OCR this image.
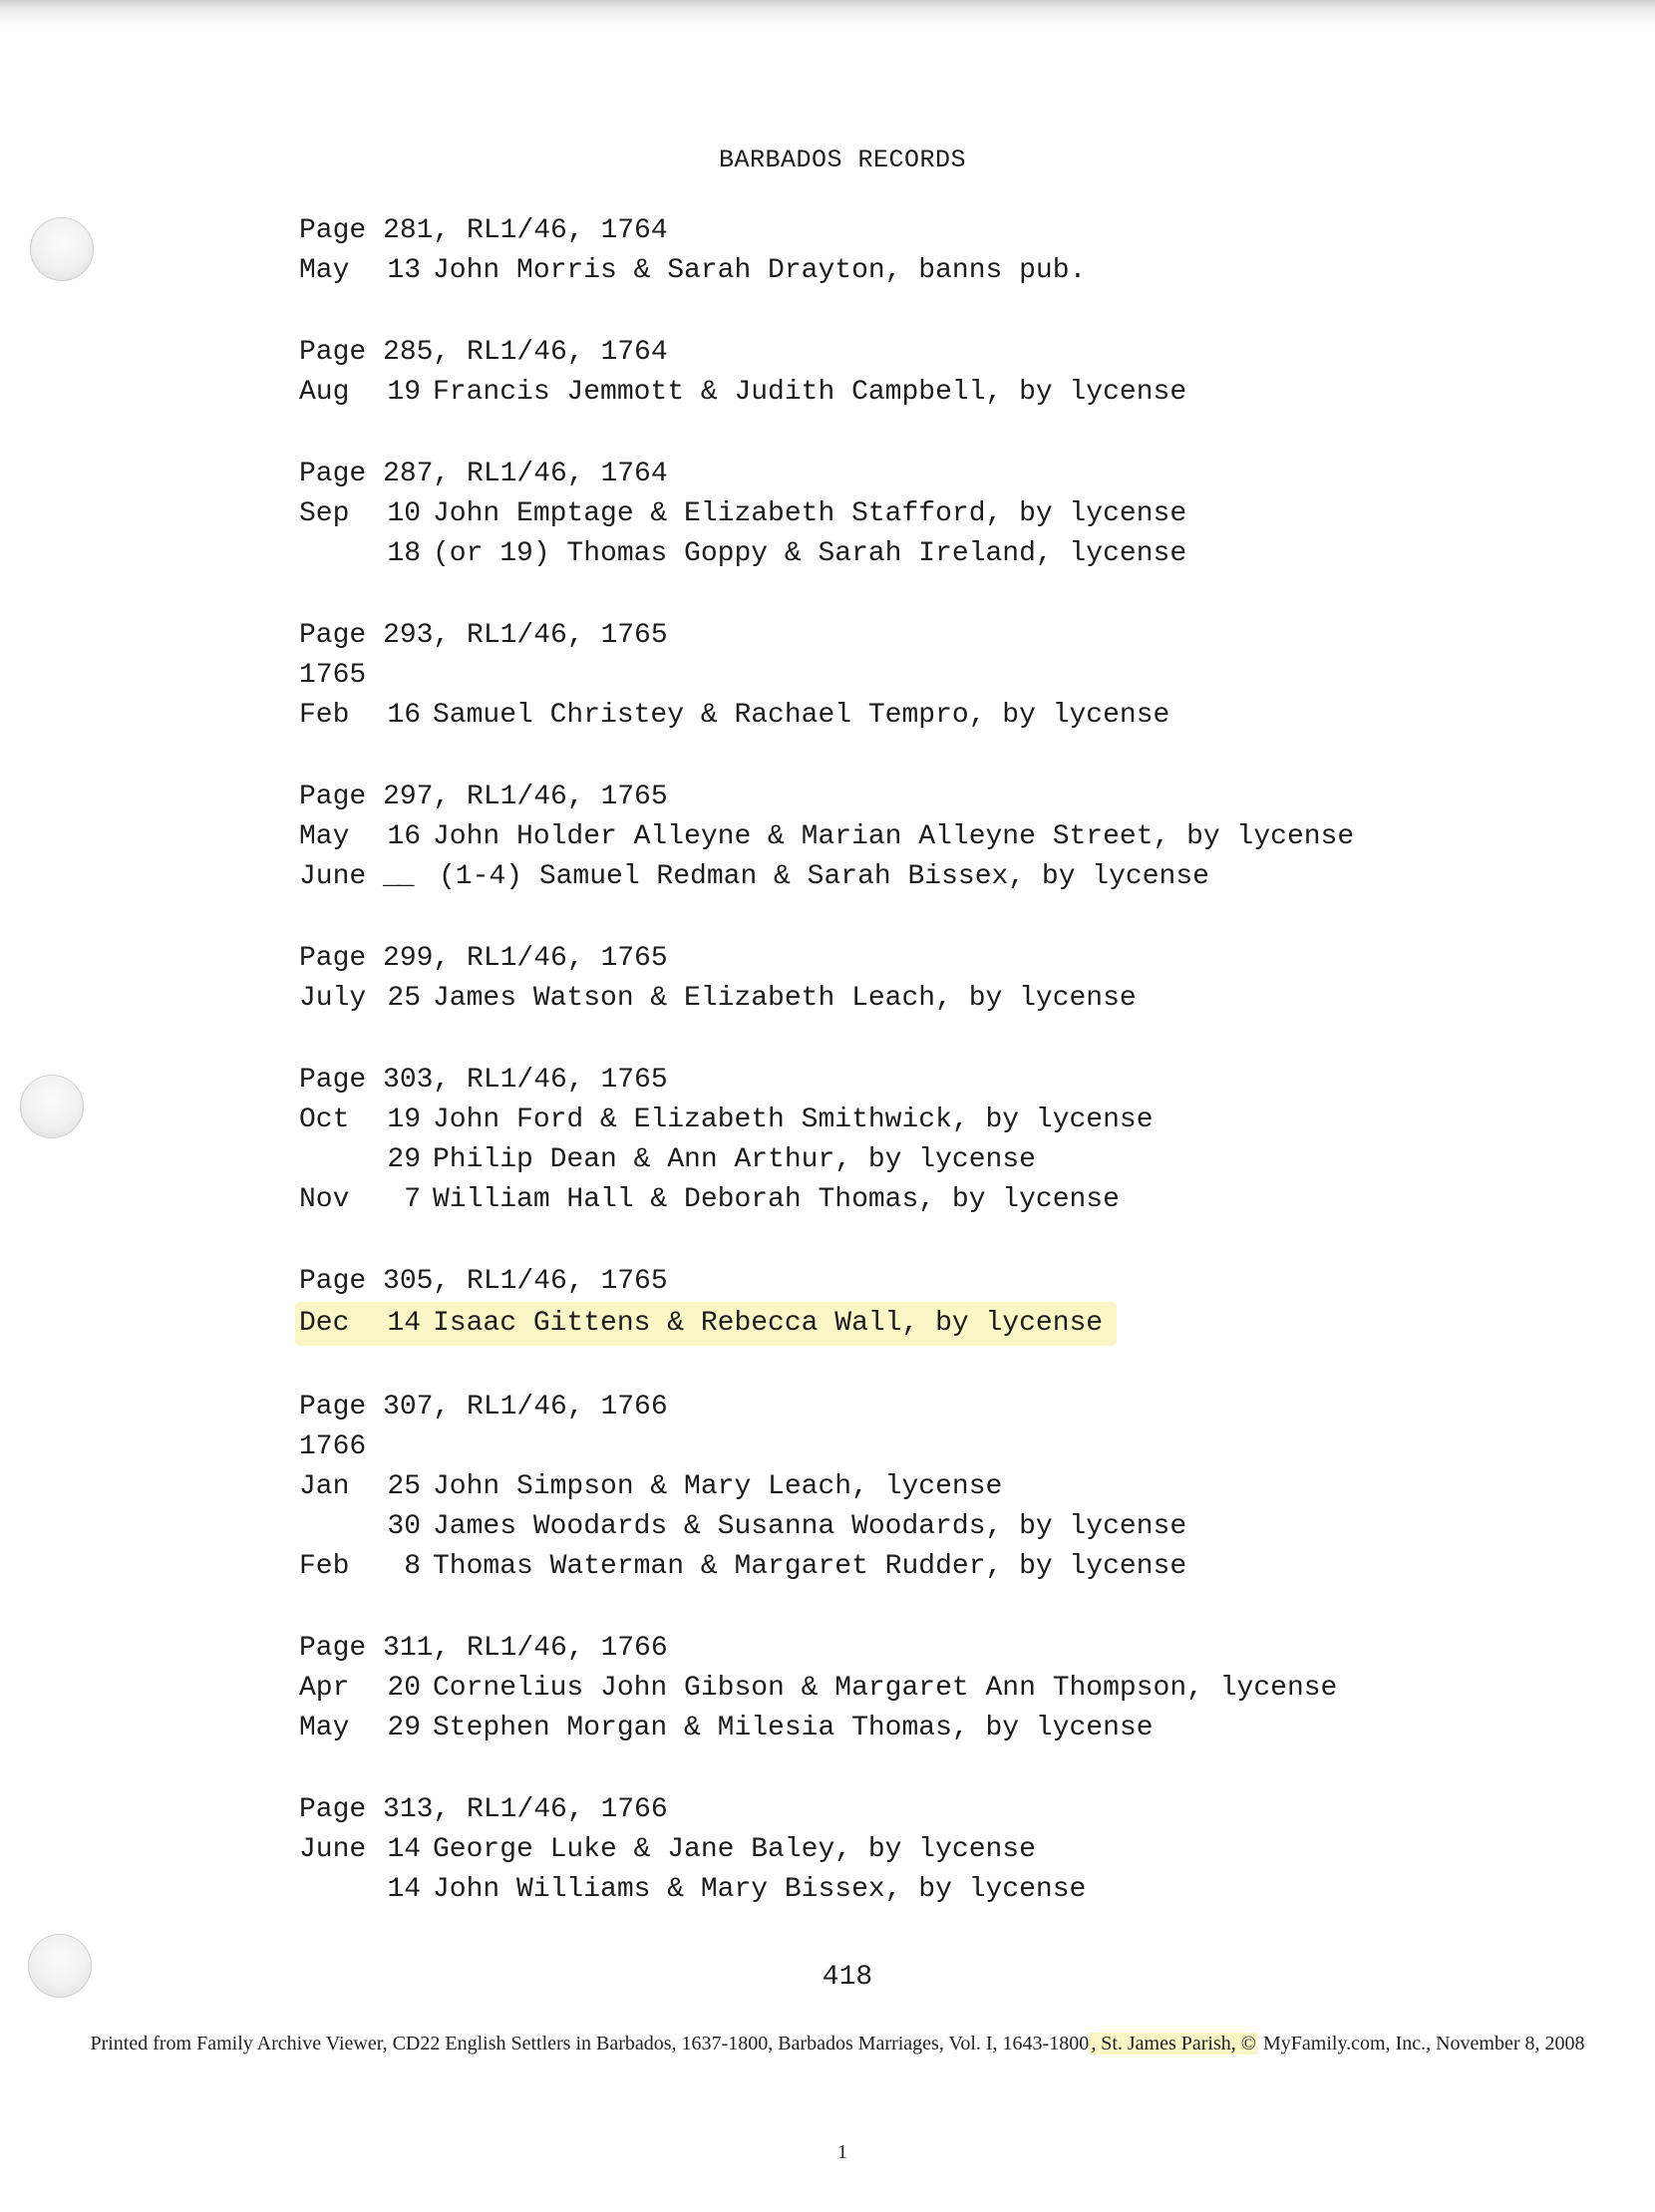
BARBADOS RECORDS
Page 281, RL1/46, 1764
May	13 John Morris & Sarah Drayton, banns pub.
Page 285, RL1/46, 1764
Aug	19 Francis Jemmott & Judith Campbell, by lycense
Page 287, RL1/46, 1764
Sep	10 John Emptage & Elizabeth Stafford, by lycense
18 (or 19) Thomas Goppy & Sarah Ireland, lycense
Page 293, RL1/46, 1765
1765
Feb	16 Samuel Christey & Rachael Tempro, by lycense
Page 297, RL1/46, 1765
May	16 John Holder Alleyne & Marian Alleyne Street, by lycense
June __ (1-4) Samuel Redman & Sarah Bissex, by lycense
Page 299, RL1/46, 1765
July 25 James Watson & Elizabeth Leach, by lycense
Page 303, RL1/46, 1765
Oct	19 John Ford & Elizabeth Smithwick, by lycense
29 Philip Dean & Ann Arthur, by lycense
Nov	7 William Hall & Deborah Thomas, by lycense
Page 305, RL1/46, 1765
Dec 14 Isaac Gittens & Rebecca Wall, by lycense
Page 307, RL1/46, 1766
1766
Jan	25 John Simpson & Mary Leach, lycense
30 James Woodards & Susanna Woodards, by lycense
Feb	8 Thomas Waterman & Margaret Rudder, by lycense
Page 311, RL1/46, 1766
Apr	20 Cornelius John Gibson & Margaret Ann Thompson, lycense
May	29 Stephen Morgan & Milesia Thomas, by lycense
Page 313, RL1/46, 1766
June 14 George Luke & Jane Baley, by lycense
14 John Williams & Mary Bissex, by lycense
418
Printed from Family Archive Viewer, CD22 English Settlers in Barbados, 1637-1800, Barbados Marriages, Vol. I, 1643-1800 , St. James Parish, © MyFamily.com, Inc., November 8, 2008
1
